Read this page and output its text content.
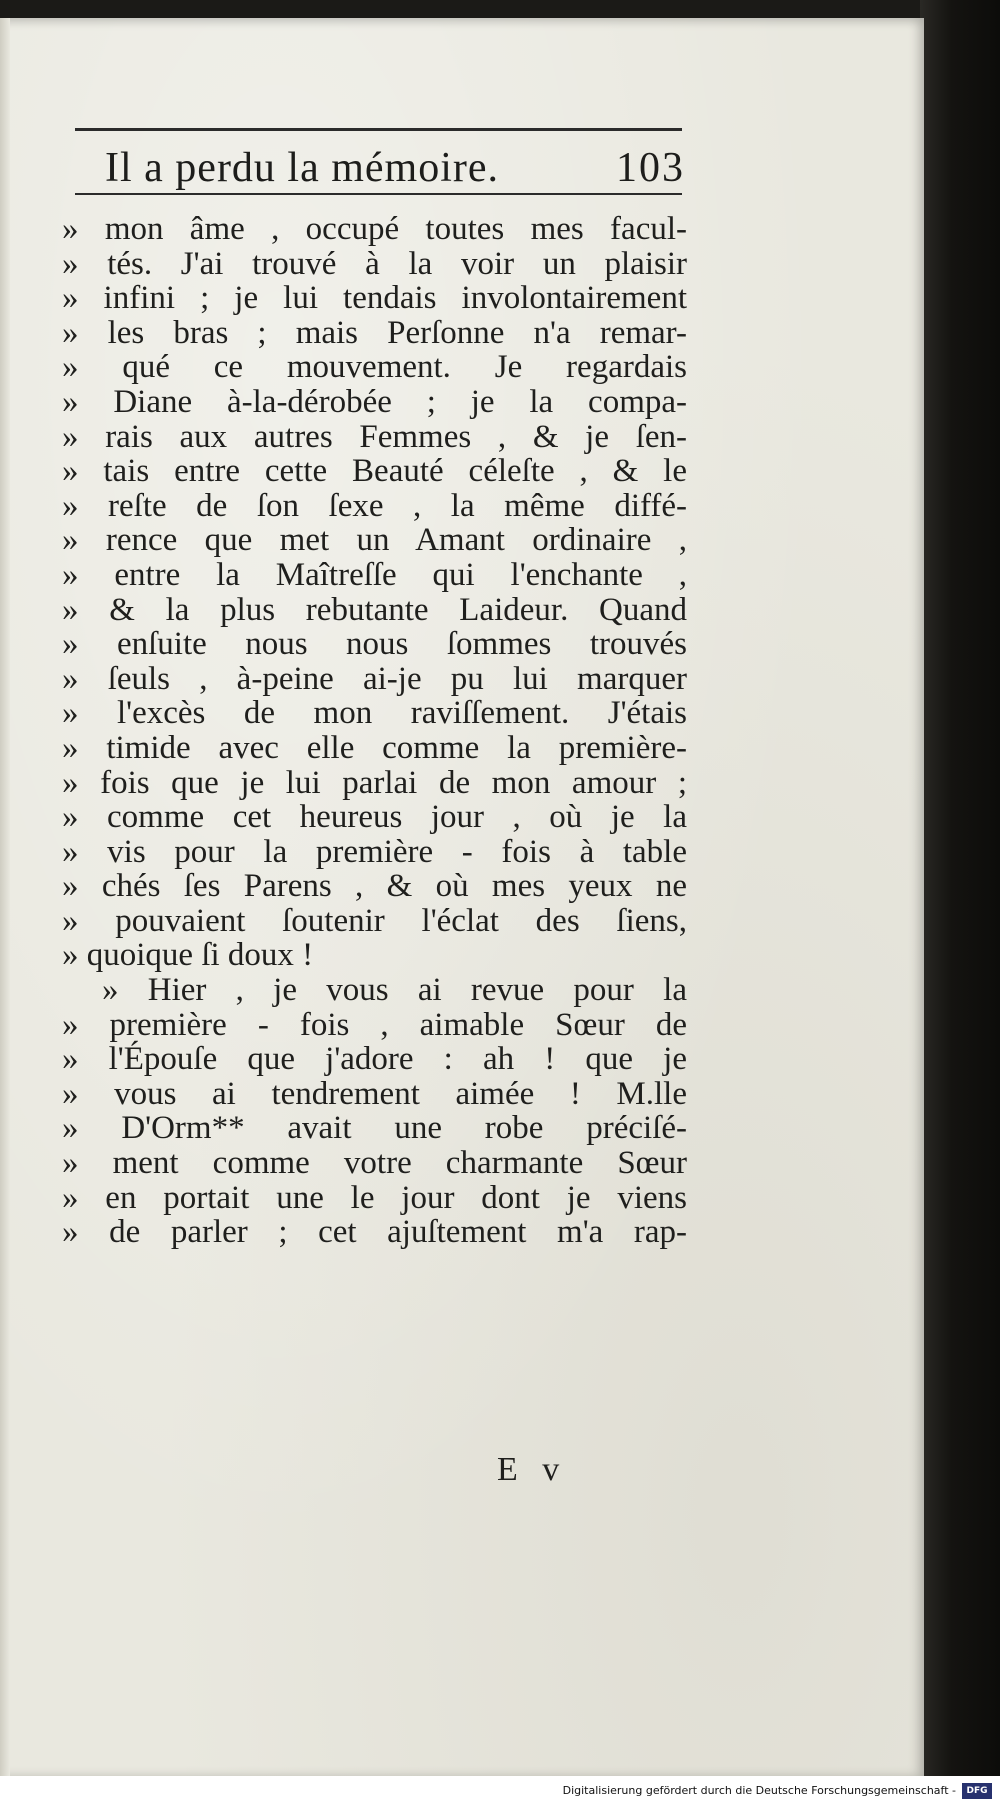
Il a perdu la mémoire.	103
» mon âme , occupé toutes mes facul-
» tés. J'ai trouvé à la voir un plaisir
» infini ; je lui tendais involontairement
» les bras ; mais Perſonne n'a remar-
» qué ce mouvement. Je regardais
» Diane à-la-dérobée ; je la compa-
» rais aux autres Femmes , & je ſen-
» tais entre cette Beauté céleſte , & le
» reſte de ſon ſexe , la même diffé-
» rence que met un Amant ordinaire ,
» entre la Maîtreſſe qui l'enchante ,
» & la plus rebutante Laideur. Quand
» enſuite nous nous ſommes trouvés
» ſeuls , à-peine ai-je pu lui marquer
» l'excès de mon raviſſement. J'étais
» timide avec elle comme la première-
» fois que je lui parlai de mon amour ;
» comme cet heureus jour , où je la
» vis pour la première - fois à table
» chés ſes Parens , & où mes yeux ne
» pouvaient ſoutenir l'éclat des ſiens,
» quoique ſi doux !
» Hier , je vous ai revue pour la
» première - fois , aimable Sœur de
» l'Épouſe que j'adore : ah ! que je
» vous ai tendrement aimée ! M.lle
» D'Orm** avait une robe préciſé-
» ment comme votre charmante Sœur
» en portait une le jour dont je viens
» de parler ; cet ajuſtement m'a rap-
E v
Digitalisierung gefördert durch die Deutsche Forschungsgemeinschaft -	DFG
